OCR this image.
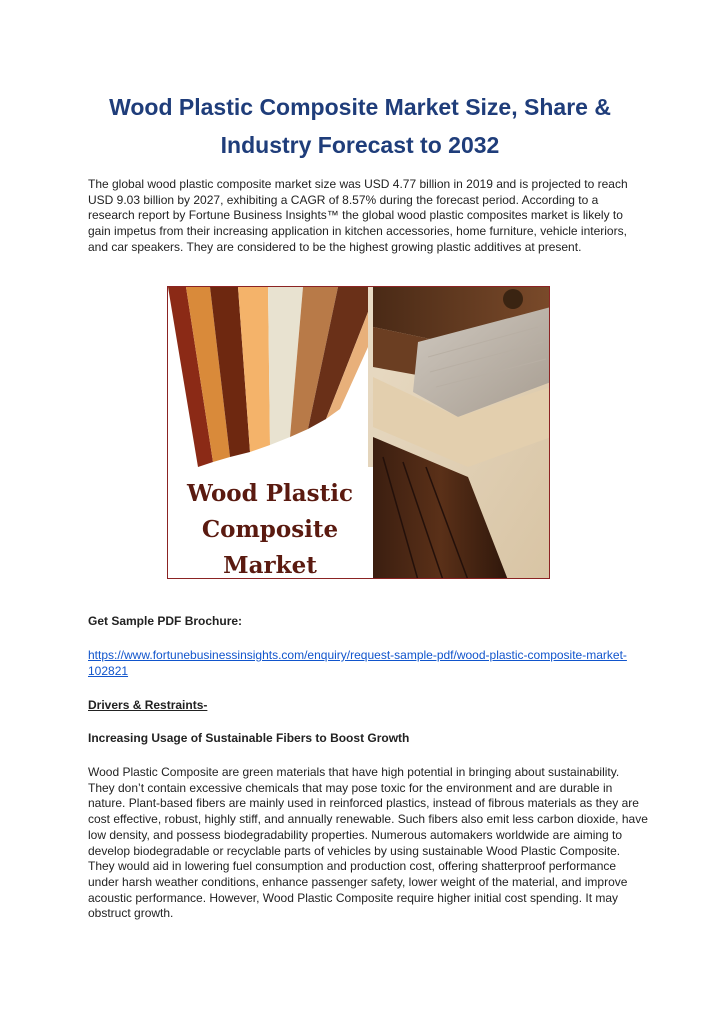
Wood Plastic Composite Market Size, Share &
Industry Forecast to 2032

The global wood plastic composite market size was USD 4.77 billion in 2019 and is projected to reach USD 9.03 billion by 2027, exhibiting a CAGR of 8.57% during the forecast period. According to a research report by Fortune Business Insights™ the global wood plastic composites market is likely to gain impetus from their increasing application in kitchen accessories, home furniture, vehicle interiors, and car speakers. They are considered to be the highest growing plastic additives at present.

Wood Plastic
Composite
Market
Get Sample PDF Brochure:
https://www.fortunebusinessinsights.com/enquiry/request-sample-pdf/wood-plastic-composite-market-102821
Drivers & Restraints-
Increasing Usage of Sustainable Fibers to Boost Growth

Wood Plastic Composite are green materials that have high potential in bringing about sustainability. They don’t contain excessive chemicals that may pose toxic for the environment and are durable in nature. Plant-based fibers are mainly used in reinforced plastics, instead of fibrous materials as they are cost effective, robust, highly stiff, and annually renewable. Such fibers also emit less carbon dioxide, have low density, and possess biodegradability properties. Numerous automakers worldwide are aiming to develop biodegradable or recyclable parts of vehicles by using sustainable Wood Plastic Composite. They would aid in lowering fuel consumption and production cost, offering shatterproof performance under harsh weather conditions, enhance passenger safety, lower weight of the material, and improve acoustic performance. However, Wood Plastic Composite require higher initial cost spending. It may obstruct growth.
